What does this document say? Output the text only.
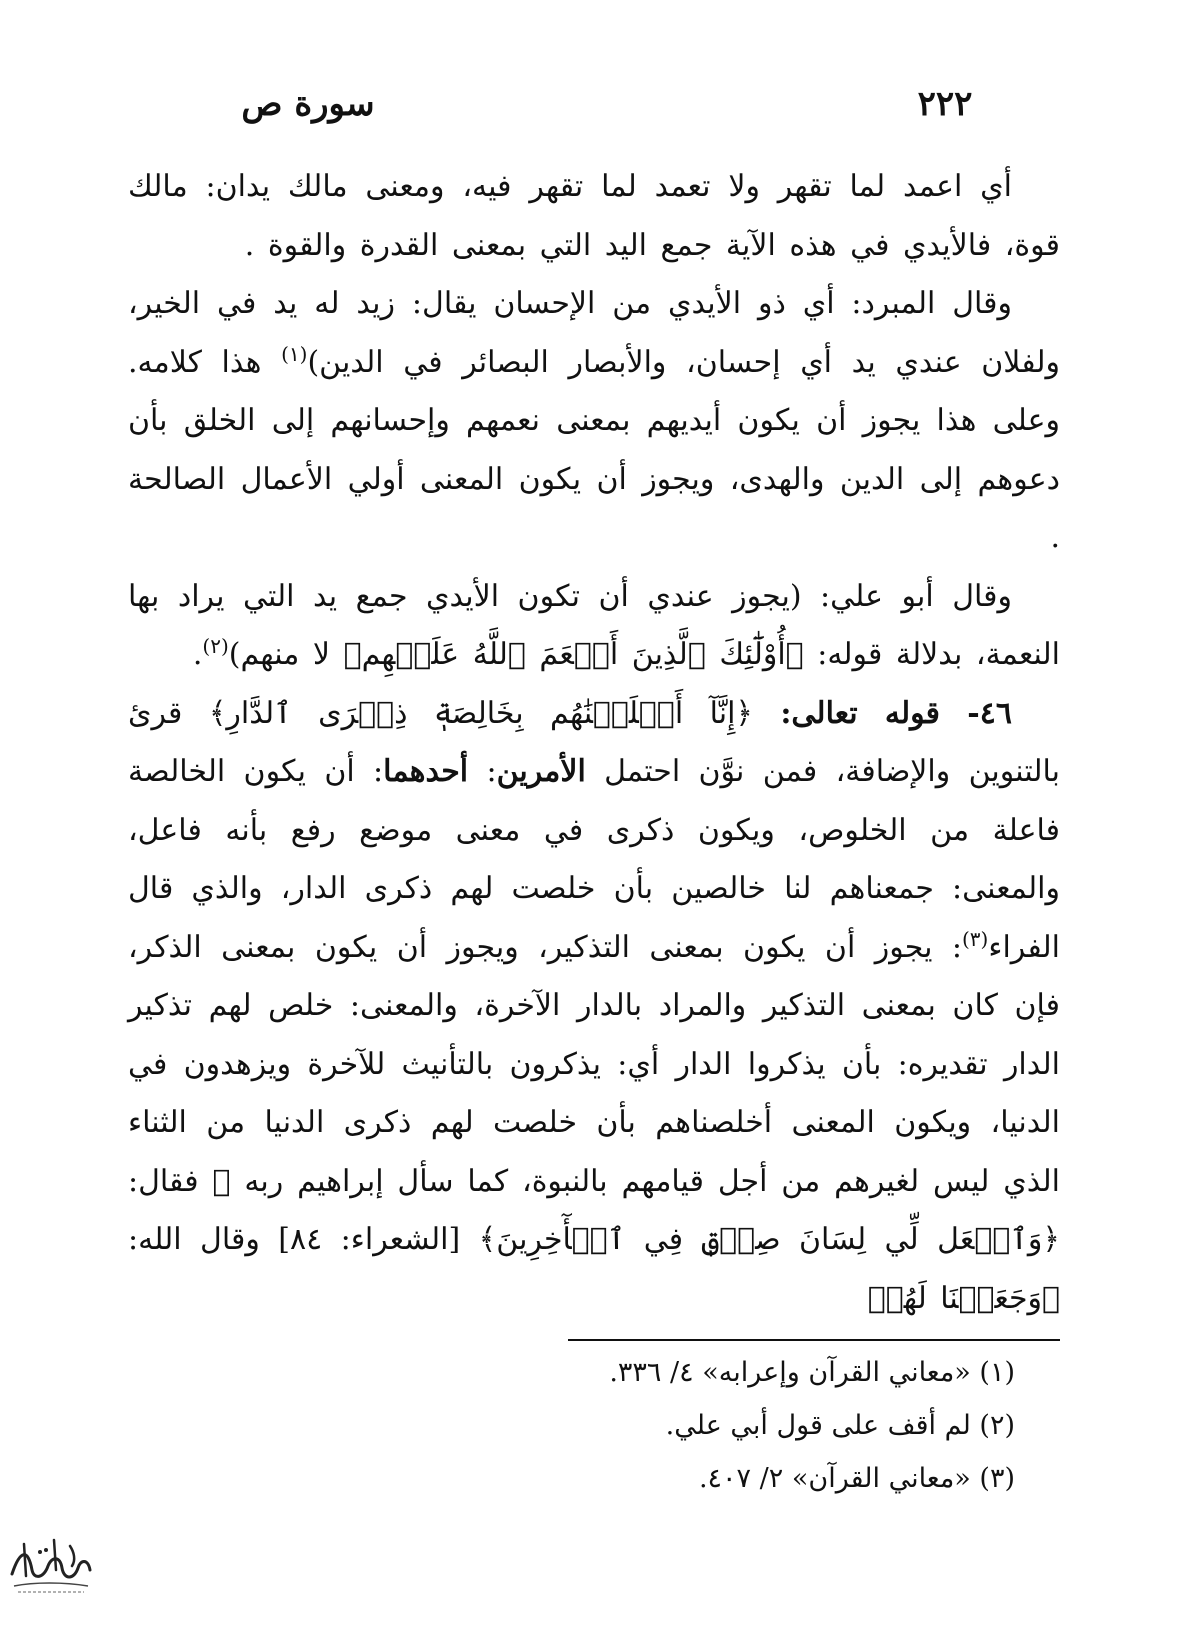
سورة ص	٢٢٢

أي اعمد لما تقهر ولا تعمد لما تقهر فيه، ومعنى مالك يدان: مالك قوة، فالأيدي في هذه الآية جمع اليد التي بمعنى القدرة والقوة .

وقال المبرد: أي ذو الأيدي من الإحسان يقال: زيد له يد في الخير، ولفلان عندي يد أي إحسان، والأبصار البصائر في الدين)$^{(١)}$ هذا كلامه. وعلى هذا يجوز أن يكون أيديهم بمعنى نعمهم وإحسانهم إلى الخلق بأن دعوهم إلى الدين والهدى، ويجوز أن يكون المعنى أولي الأعمال الصالحة .

وقال أبو علي: (يجوز عندي أن تكون الأيدي جمع يد التي يراد بها النعمة، بدلالة قوله: ﴿أُوْلَٰٓئِكَ ٱلَّذِينَ أَنۡعَمَ ٱللَّهُ عَلَيۡهِم﴾ لا منهم)$^{(٢)}$.

٤٦- قوله تعالى: ﴿إِنَّآ أَخۡلَصۡنَٰهُم بِخَالِصَةٖ ذِكۡرَى ٱلدَّارِ﴾ قرئ بالتنوين والإضافة، فمن نوَّن احتمل الأمرين: أحدهما: أن يكون الخالصة فاعلة من الخلوص، ويكون ذكرى في معنى موضع رفع بأنه فاعل، والمعنى: جمعناهم لنا خالصين بأن خلصت لهم ذكرى الدار، والذي قال الفراء$^{(٣)}$: يجوز أن يكون بمعنى التذكير، ويجوز أن يكون بمعنى الذكر، فإن كان بمعنى التذكير والمراد بالدار الآخرة، والمعنى: خلص لهم تذكير الدار تقديره: بأن يذكروا الدار أي: يذكرون بالتأنيث للآخرة ويزهدون في الدنيا، ويكون المعنى أخلصناهم بأن خلصت لهم ذكرى الدنيا من الثناء الذي ليس لغيرهم من أجل قيامهم بالنبوة، كما سأل إبراهيم ربه ﷺ فقال: ﴿وَٱجۡعَل لِّي لِسَانَ صِدۡقٖ فِي ٱلۡأٓخِرِينَ﴾ [الشعراء: ٨٤] وقال الله: ﴿وَجَعَلۡنَا لَهُمۡ

(١) «معاني القرآن وإعرابه» ٤/ ٣٣٦.
(٢) لم أقف على قول أبي علي.
(٣) «معاني القرآن» ٢/ ٤٠٧.
